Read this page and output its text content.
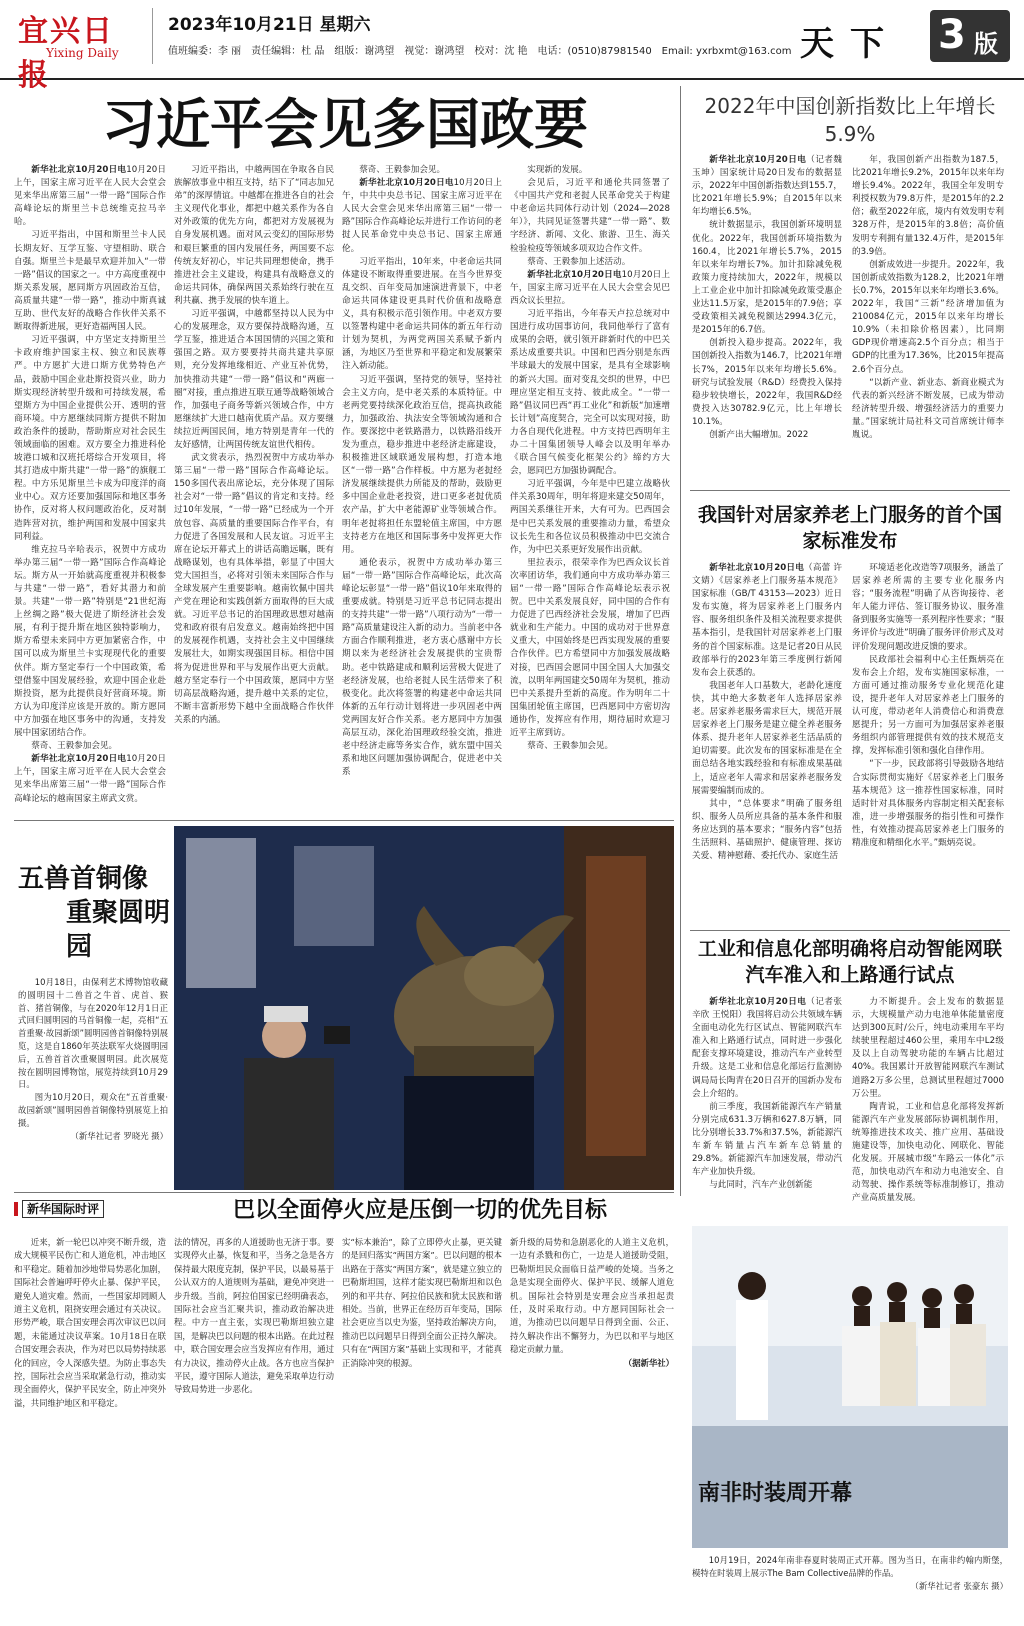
宜兴日报
Yixing Daily
2023年10月21日 星期六
值班编委：李 丽　责任编辑：杜 晶　组版：谢鸿望　视觉：谢鸿望　校对：沈 艳　电话：(0510)87981540　Email: yxrbxmt@163.com 天下 3 版
习近平会见多国政要

新华社北京10月20日电10月20日上午，国家主席习近平在人民大会堂会见来华出席第三届“一带一路”国际合作高峰论坛的斯里兰卡总统维克拉马辛哈。

习近平指出，中国和斯里兰卡人民长期友好、互学互鉴、守望相助、联合自强。斯里兰卡是最早欢迎并加入“一带一路”倡议的国家之一。中方高度重视中斯关系发展，愿同斯方巩固政治互信，高质量共建“一带一路”，推动中斯真诚互助、世代友好的战略合作伙伴关系不断取得新进展，更好造福两国人民。

习近平强调，中方坚定支持斯里兰卡政府维护国家主权、独立和民族尊严。中方愿扩大进口斯方优势特色产品，鼓励中国企业赴斯投资兴业，助力斯实现经济转型升级和可持续发展，希望斯方为中国企业提供公开、透明的营商环境。中方愿继续同斯方提供不附加政治条件的援助，帮助斯应对社会民生领域面临的困难。双方要全力推进科伦坡港口城和汉班托塔综合开发项目，将其打造成中斯共建“一带一路”的旗舰工程。中方乐见斯里兰卡成为印度洋的商业中心。双方还要加强国际和地区事务协作，反对将人权问题政治化，反对制造阵营对抗，维护两国和发展中国家共同利益。

维克拉马辛哈表示，祝贺中方成功举办第三届“一带一路”国际合作高峰论坛。斯方从一开始就高度重视并积极参与共建“一带一路”，看好其潜力和前景。共建“一带一路”特别是“21世纪海上丝绸之路”极大促进了斯经济社会发展，有利于提升斯在地区独特影响力，斯方希望未来同中方更加紧密合作，中国可以成为斯里兰卡实现现代化的重要伙伴。斯方坚定奉行一个中国政策，希望借鉴中国发展经验，欢迎中国企业赴斯投资，愿为此提供良好营商环境。斯方认为印度洋应该是开放的。斯方愿同中方加强在地区事务中的沟通，支持发展中国家团结合作。

蔡奇、王毅参加会见。

新华社北京10月20日电10月20日上午，国家主席习近平在人民大会堂会见来华出席第三届“一带一路”国际合作高峰论坛的越南国家主席武文赏。

习近平指出，中越两国在争取各自民族解放事业中相互支持，结下了“同志加兄弟”的深厚情谊。中越都在推进各自的社会主义现代化事业，都把中越关系作为各自对外政策的优先方向，都把对方发展视为自身发展机遇。面对风云变幻的国际形势和艰巨繁重的国内发展任务，两国要不忘传统友好初心，牢记共同理想使命，携手推进社会主义建设，构建具有战略意义的命运共同体，确保两国关系始终行驶在互利共赢、携手发展的快车道上。

习近平强调，中越都坚持以人民为中心的发展理念，双方要保持战略沟通，互学互鉴，推进适合本国国情的兴国之策和强国之路。双方要要持共商共建共享原则，充分发挥地缘相近、产业互补优势，加快推动共建“一带一路”倡议和“两廊一圈”对接，重点推进互联互通等战略领域合作，加强电子商务等新兴领域合作，中方愿继续扩大进口越南优质产品。双方要继续拉近两国民间，地方特别是青年一代的友好感情，让两国传统友谊世代相传。

武文赏表示，热烈祝贺中方成功举办第三届“一带一路”国际合作高峰论坛。150多国代表出席论坛，充分体现了国际社会对“一带一路”倡议的肯定和支持。经过10年发展，“一带一路”已经成为一个开放包容、高质量的重要国际合作平台，有力促进了各国发展和人民友谊。习近平主席在论坛开幕式上的讲话高瞻远瞩，既有战略谋划，也有具体举措，彰显了中国大党大国担当，必将对引领未来国际合作与全球发展产生重要影响。越南钦佩中国共产党在理论和实践创新方面取得的巨大成就。习近平总书记的治国理政思想对越南党和政府很有启发意义。越南始终把中国的发展视作机遇，支持社会主义中国继续发展壮大，如期实现强国目标。相信中国将为促进世界和平与发展作出更大贡献。越方坚定奉行一个中国政策，愿同中方坚切高层战略沟通，提升越中关系的定位，不断丰富新形势下越中全面战略合作伙伴关系的内涵。

蔡奇、王毅参加会见。

新华社北京10月20日电10月20日上午，中共中央总书记、国家主席习近平在人民大会堂会见来华出席第三届“一带一路”国际合作高峰论坛并进行工作访问的老挝人民革命党中央总书记、国家主席通伦。

习近平指出，10年来，中老命运共同体建设不断取得重要进展。在当今世界变乱交织、百年变局加速演进背景下，中老命运共同体建设更具时代价值和战略意义，具有积极示范引领作用。中老双方要以签署构建中老命运共同体的新五年行动计划为契机，为两党两国关系赋予新内涵，为地区乃至世界和平稳定和发展繁荣注入新动能。

习近平强调，坚持党的领导，坚持社会主义方向，是中老关系的本质特征。中老两党要持续深化政治互信，提高执政能力，加强政治、执法安全等领域沟通和合作。要深挖中老铁路潜力，以铁路沿线开发为重点，稳步推进中老经济走廊建设，积极推进区域联通发展构想，打造本地区“一带一路”合作样板。中方愿为老挝经济发展继续提供力所能及的帮助，鼓励更多中国企业赴老投资，进口更多老挝优质农产品，扩大中老能源矿业等领域合作。明年老挝将担任东盟轮值主席国，中方愿支持老方在地区和国际事务中发挥更大作用。

通伦表示，祝贺中方成功举办第三届“一带一路”国际合作高峰论坛，此次高峰论坛彰显“一带一路”倡议10年来取得的重要成就。特别是习近平总书记同志提出的支持共建“一带一路”八项行动为“一带一路”高质量建设注入新的动力。当前老中各方面合作顺利推进，老方衷心感谢中方长期以来为老经济社会发展提供的宝贵帮助。老中铁路建成和顺利运营极大促进了老经济发展，也给老挝人民生活带来了积极变化。此次将签署的构建老中命运共同体新的五年行动计划将进一步巩固老中两党两国友好合作关系。老方愿同中方加强高层互动，深化治国理政经验交流，推进老中经济走廊等务实合作，就东盟中国关系和地区问题加强协调配合，促进老中关系

实现新的发展。

会见后，习近平和通伦共同签署了《中国共产党和老挝人民革命党关于构建中老命运共同体行动计划（2024—2028年）》，共同见证签署共建“一带一路”、数字经济、新闻、文化、旅游、卫生、海关检验检疫等领域多项双边合作文件。

蔡奇、王毅参加上述活动。

新华社北京10月20日电10月20日上午，国家主席习近平在人民大会堂会见巴西众议长里拉。

习近平指出，今年春天卢拉总统对中国进行成功国事访问，我同他举行了富有成果的会晤，就引领开辟新时代的中巴关系达成重要共识。中国和巴西分别是东西半球最大的发展中国家，是具有全球影响的新兴大国。面对变乱交织的世界，中巴理应坚定相互支持、彼此成全。“一带一路”倡议同巴西“再工业化”和新版“加速增长计划”高度契合，完全可以实现对接，助力各自现代化进程。中方支持巴西明年主办二十国集团领导人峰会以及明年举办《联合国气候变化框架公约》缔约方大会，愿同巴方加强协调配合。

习近平强调，今年是中巴建立战略伙伴关系30周年，明年将迎来建交50周年，两国关系继往开来，大有可为。巴西国会是中巴关系发展的重要推动力量，希望众议长先生和各位议员积极推动中巴交流合作，为中巴关系更好发展作出贡献。

里拉表示，很荣幸作为巴西众议长首次率团访华，我们通向中方成功举办第三届“一带一路”国际合作高峰论坛表示祝贺。巴中关系发展良好，同中国的合作有力促进了巴西经济社会发展，增加了巴西就业和生产能力。中国的成功对于世界意义重大，中国始终是巴西实现发展的重要合作伙伴。巴方希望同中方加强发展战略对接，巴西国会愿同中国全国人大加强交流，以明年两国建交50周年为契机，推动巴中关系提升至新的高度。作为明年二十国集团轮值主席国，巴西愿同中方密切沟通协作，发挥应有作用，期待届时欢迎习近平主席到访。

蔡奇、王毅参加会见。

2022年中国创新指数比上年增长5.9%

新华社北京10月20日电（记者魏玉坤）国家统计局20日发布的数据显示，2022年中国创新指数达到155.7，比2021年增长5.9%；自2015年以来年均增长6.5%。

统计数据显示，我国创新环境明显优化。2022年，我国创新环境指数为160.4，比2021年增长5.7%，2015年以来年均增长7%。加计扣除减免税政策力度持续加大，2022年，规模以上工业企业中加计扣除减免政策受惠企业达11.5万家，是2015年的7.9倍；享受政策相关减免税额达2994.3亿元，是2015年的6.7倍。

创新投入稳步提高。2022年，我国创新投入指数为146.7，比2021年增长7%，2015年以来年均增长5.6%。研究与试验发展（R&D）经费投入保持稳步较快增长，2022年，我国R&D经费投入达30782.9亿元，比上年增长10.1%。

创新产出大幅增加。2022

年，我国创新产出指数为187.5，比2021年增长9.2%，2015年以来年均增长9.4%。2022年，我国全年发明专利授权数为79.8万件，是2015年的2.2倍；截至2022年底，境内有效发明专利328万件，是2015年的3.8倍；高价值发明专利拥有量132.4万件，是2015年的3.9倍。

创新成效进一步提升。2022年，我国创新成效指数为128.2，比2021年增长0.7%，2015年以来年均增长3.6%。2022年，我国“三新”经济增加值为210084亿元，2015年以来年均增长10.9%（未扣除价格因素），比同期GDP现价增速高2.5个百分点；相当于GDP的比重为17.36%，比2015年提高2.6个百分点。

“以新产业、新业态、新商业模式为代表的新兴经济不断发展，已成为带动经济转型升级、增强经济活力的重要力量。”国家统计局社科文司首席统计师李胤说。

我国针对居家养老上门服务的首个国家标准发布

新华社北京10月20日电（高蕾 许文婧）《居家养老上门服务基本规范》国家标准（GB/T 43153—2023）近日发布实施，将为居家养老上门服务内容、服务组织条件及相关流程要求提供基本指引，是我国针对居家养老上门服务的首个国家标准。这是记者20日从民政部举行的2023年第三季度例行新闻发布会上获悉的。

我国老年人口基数大，老龄化速度快，其中绝大多数老年人选择居家养老。居家养老服务需求巨大，规范开展居家养老上门服务是建立健全养老服务体系、提升老年人居家养老生活品质的迫切需要。此次发布的国家标准是在全面总结各地实践经验和有标准成果基础上，适应老年人需求和居家养老服务发展需要编制而成的。

其中，“总体要求”明确了服务组织、服务人员所应具备的基本条件和服务应达到的基本要求；“服务内容”包括生活照料、基础照护、健康管理、探访关爱、精神慰藉、委托代办、家庭生活

环境适老化改造等7项服务，涵盖了居家养老所需的主要专业化服务内容；“服务流程”明确了从咨询接待、老年人能力评估、签订服务协议、服务准备到服务实施等一系列程序性要求；“服务评价与改进”明确了服务评价形式及对评价发现问题改进反馈的要求。

民政部社会福利中心主任甄炳亮在发布会上介绍，发布实施国家标准，一方面可通过推动服务专业化规范化建设，提升老年人对居家养老上门服务的认可度，带动老年人消费信心和消费意愿提升；另一方面可为加强居家养老服务组织内部管理提供有效的技术规范支撑，发挥标准引领和强化自律作用。

“下一步，民政部将引导鼓励各地结合实际贯彻实施好《居家养老上门服务基本规范》这一推荐性国家标准，同时适时针对具体服务内容制定相关配套标准，进一步增强服务的指引性和可操作性，有效推动提高居家养老上门服务的精准度和精细化水平。”甄炳亮说。

工业和信息化部明确将启动智能网联汽车准入和上路通行试点

新华社北京10月20日电（记者张辛欣 王悦阳）我国将启动公共领域车辆全面电动化先行区试点、智能网联汽车准入和上路通行试点，同时进一步强化配套支撑环境建设，推动汽车产业转型升级。这是工业和信息化部运行监测协调局局长陶青在20日召开的国新办发布会上介绍的。

前三季度，我国新能源汽车产销量分别完成631.3万辆和627.8万辆，同比分别增长33.7%和37.5%，新能源汽车新车销量占汽车新车总销量的29.8%。新能源汽车加速发展，带动汽车产业加快升级。

与此同时，汽车产业创新能

力不断提升。会上发布的数据显示，大规模量产动力电池单体能量密度达到300瓦时/公斤，纯电动乘用车平均续驶里程超过460公里，乘用车中L2级及以上自动驾驶功能的车辆占比超过40%。我国累计开放智能网联汽车测试道路2万多公里，总测试里程超过7000万公里。

陶青说，工业和信息化部将发挥新能源汽车产业发展部际协调机制作用，统筹推进技术攻关、推广应用、基础设施建设等，加快电动化、网联化、智能化发展。开展城市级“车路云一体化”示范，加快电动汽车和动力电池安全、自动驾驶、操作系统等标准制修订，推动产业高质量发展。

五兽首铜像
重聚圆明园

10月18日，由保利艺术博物馆收藏的圆明园十二兽首之牛首、虎首、猴首、猪首铜像，与在2020年12月1日正式回归圆明园的马首铜像一起，亮相“五首重聚·故园新颂”圆明园兽首铜像特别展览，这是自1860年英法联军火烧圆明园后，五兽首首次重聚圆明园。此次展览按在圆明园博物馆，展览持续到10月29日。

图为10月20日，观众在“五首重聚·故园新颂”圆明园兽首铜像特别展览上拍摄。

（新华社记者 罗晓光 摄）

新华国际时评	巴以全面停火应是压倒一切的优先目标
近来，新一轮巴以冲突不断升级，造成大规模平民伤亡和人道危机，冲击地区和平稳定。随着加沙地带局势恶化加剧，国际社会普遍呼吁停火止暴、保护平民，避免人道灾难。然而，一些国家却罔顾人道主义危机，阻挠安理会通过有关决议。形势严峻，联合国安理会再次审议巴以问题，未能通过决议草案。10月18日在联合国安理会表决，作为对巴以局势持续恶化的回应，令人深感失望。为防止事态失控，国际社会应当采取紧急行动，推动实现全面停火，保护平民安全，防止冲突外溢，共同维护地区和平稳定。
法的情况，再多的人道援助也无济于事。要实现停火止暴，恢复和平，当务之急是各方保持最大限度克制，保护平民，以最易基于公认双方的人道规则为基础，避免冲突进一步升级。当前，阿拉伯国家已经明确表态，国际社会应当汇聚共识，推动政治解决进程。中方一直主张，实现巴勒斯坦独立建国，是解决巴以问题的根本出路。在此过程中，联合国安理会应当发挥应有作用，通过有力决议，推动停火止战。各方也应当保护平民，遵守国际人道法，避免采取单边行动导致局势进一步恶化。
实“标本兼治”，除了立即停火止暴，更关键的是回归落实“两国方案”。巴以问题的根本出路在于落实“两国方案”，就是建立独立的巴勒斯坦国，这样才能实现巴勒斯坦和以色列的和平共存、阿拉伯民族和犹太民族和谐相处。当前，世界正在经历百年变局，国际社会更应当以史为鉴，坚持政治解决方向，推动巴以问题早日得到全面公正持久解决。只有在“两国方案”基础上实现和平，才能真正消除冲突的根源。
新升级的局势和急剧恶化的人道主义危机，一边有杀戮和伤亡，一边是人道援助受阻，巴勒斯坦民众面临日益严峻的处境。当务之急是实现全面停火、保护平民、缓解人道危机。国际社会特别是安理会应当承担起责任，及时采取行动。中方愿同国际社会一道，为推动巴以问题早日得到全面、公正、持久解决作出不懈努力，为巴以和平与地区稳定贡献力量。
（据新华社）
南非时装周开幕

10月19日，2024年南非春夏时装周正式开幕。图为当日，在南非约翰内斯堡，模特在时装周上展示The Bam Collective品牌的作品。

（新华社记者 张豪东 摄）
